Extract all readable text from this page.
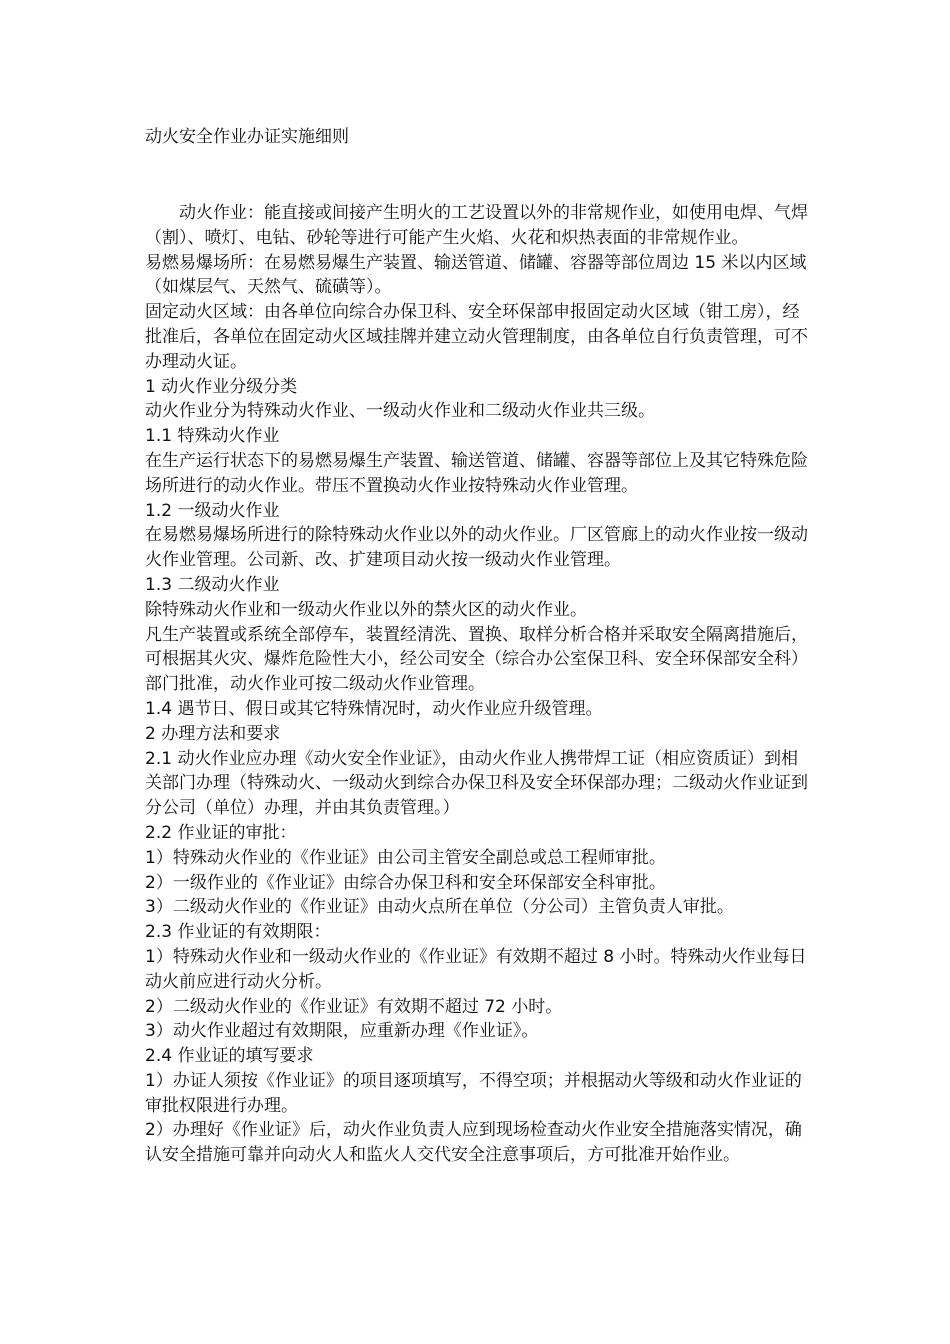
动火安全作业办证实施细则

动火作业：能直接或间接产生明火的工艺设置以外的非常规作业，如使用电焊、气焊（割）、喷灯、电钻、砂轮等进行可能产生火焰、火花和炽热表面的非常规作业。

易燃易爆场所：在易燃易爆生产装置、输送管道、储罐、容器等部位周边 15 米以内区域（如煤层气、天然气、硫磺等）。

固定动火区域：由各单位向综合办保卫科、安全环保部申报固定动火区域（钳工房），经批准后，各单位在固定动火区域挂牌并建立动火管理制度，由各单位自行负责管理，可不办理动火证。

1 动火作业分级分类

动火作业分为特殊动火作业、一级动火作业和二级动火作业共三级。

1.1 特殊动火作业

在生产运行状态下的易燃易爆生产装置、输送管道、储罐、容器等部位上及其它特殊危险场所进行的动火作业。带压不置换动火作业按特殊动火作业管理。

1.2 一级动火作业

在易燃易爆场所进行的除特殊动火作业以外的动火作业。厂区管廊上的动火作业按一级动火作业管理。公司新、改、扩建项目动火按一级动火作业管理。

1.3 二级动火作业

除特殊动火作业和一级动火作业以外的禁火区的动火作业。

凡生产装置或系统全部停车，装置经清洗、置换、取样分析合格并采取安全隔离措施后，可根据其火灾、爆炸危险性大小，经公司安全（综合办公室保卫科、安全环保部安全科）部门批准，动火作业可按二级动火作业管理。

1.4 遇节日、假日或其它特殊情况时，动火作业应升级管理。

2 办理方法和要求

2.1 动火作业应办理《动火安全作业证》，由动火作业人携带焊工证（相应资质证）到相关部门办理（特殊动火、一级动火到综合办保卫科及安全环保部办理；二级动火作业证到分公司（单位）办理，并由其负责管理。）

2.2 作业证的审批：

1）特殊动火作业的《作业证》由公司主管安全副总或总工程师审批。

2）一级作业的《作业证》由综合办保卫科和安全环保部安全科审批。

3）二级动火作业的《作业证》由动火点所在单位（分公司）主管负责人审批。

2.3 作业证的有效期限：

1）特殊动火作业和一级动火作业的《作业证》有效期不超过 8 小时。特殊动火作业每日动火前应进行动火分析。

2）二级动火作业的《作业证》有效期不超过 72 小时。

3）动火作业超过有效期限，应重新办理《作业证》。

2.4 作业证的填写要求

1）办证人须按《作业证》的项目逐项填写，不得空项；并根据动火等级和动火作业证的审批权限进行办理。

2）办理好《作业证》后，动火作业负责人应到现场检查动火作业安全措施落实情况，确认安全措施可靠并向动火人和监火人交代安全注意事项后，方可批准开始作业。
